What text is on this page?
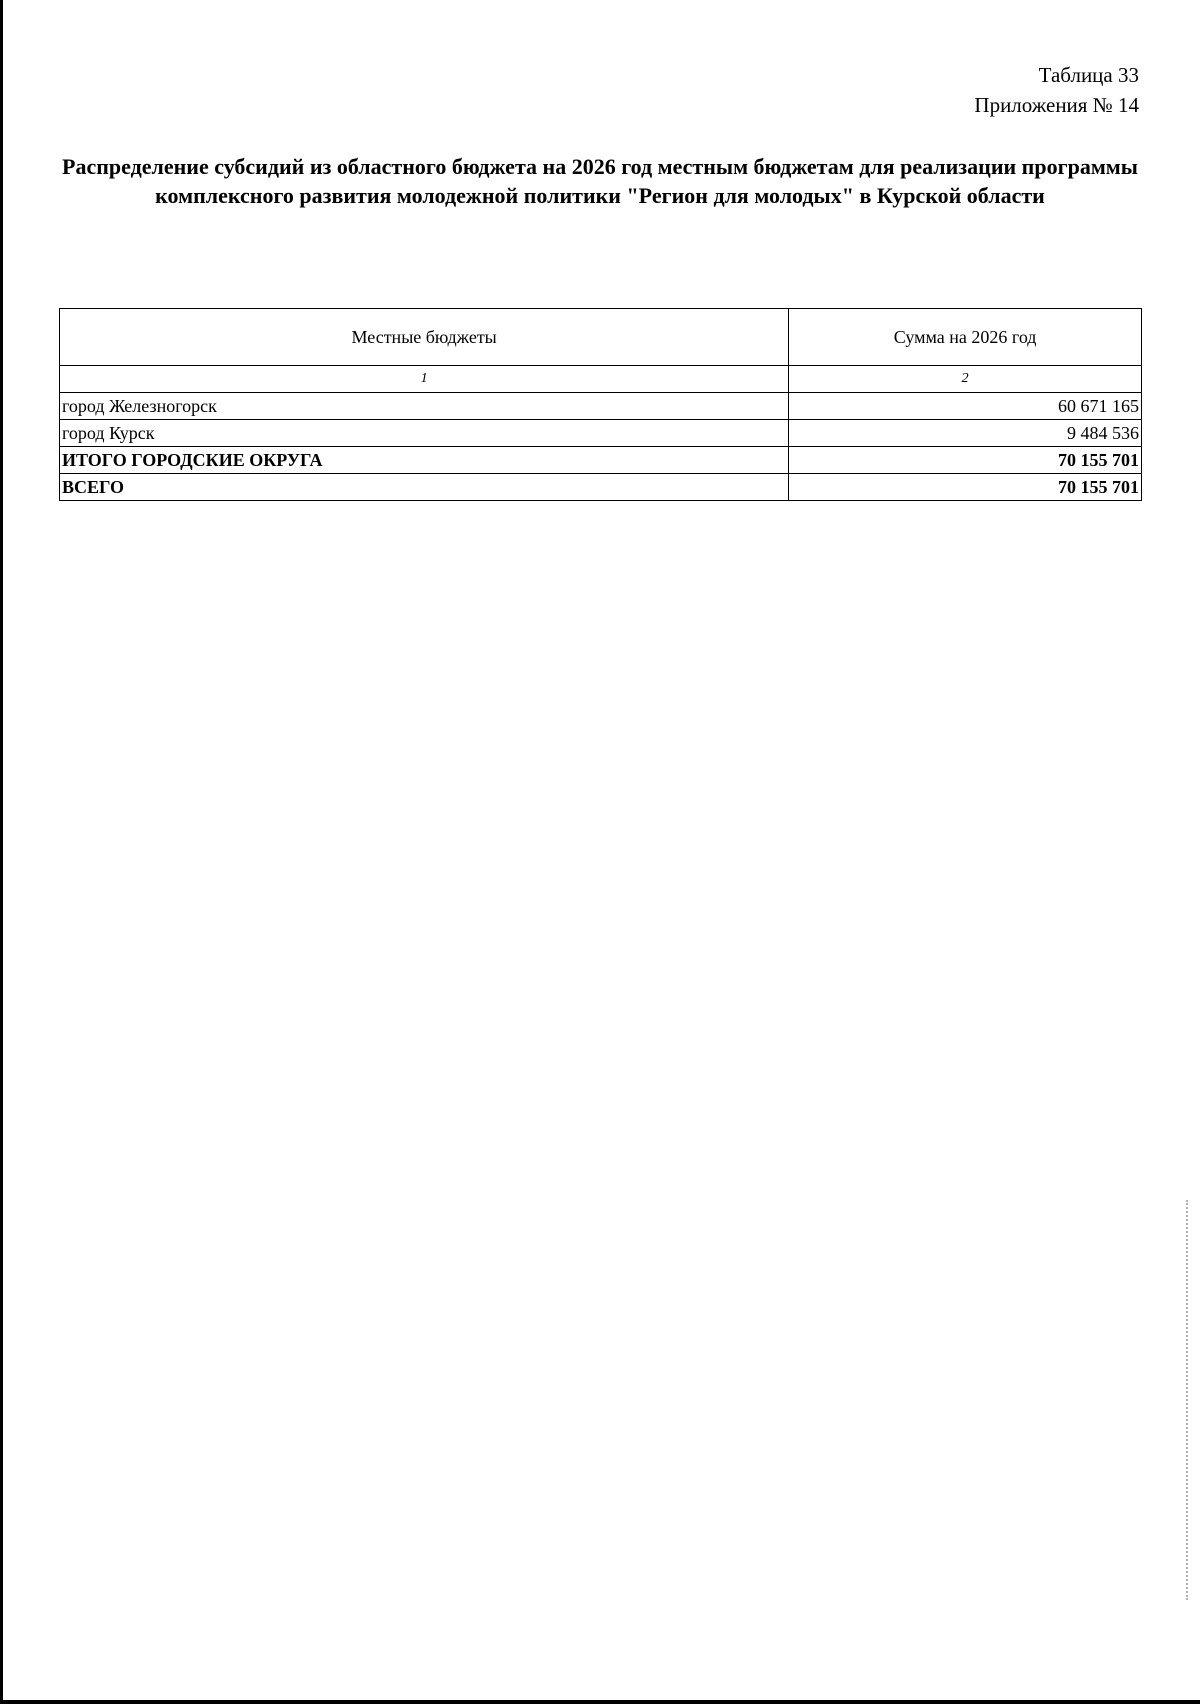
Таблица 33
Приложения № 14
Распределение субсидий из областного бюджета на 2026 год местным бюджетам для реализации программы комплексного развития молодежной политики "Регион для молодых" в Курской области
Местные бюджеты	Сумма на 2026 год
1	2
город Железногорск	60 671 165
город Курск	9 484 536
ИТОГО ГОРОДСКИЕ ОКРУГА	70 155 701
ВСЕГО	70 155 701
